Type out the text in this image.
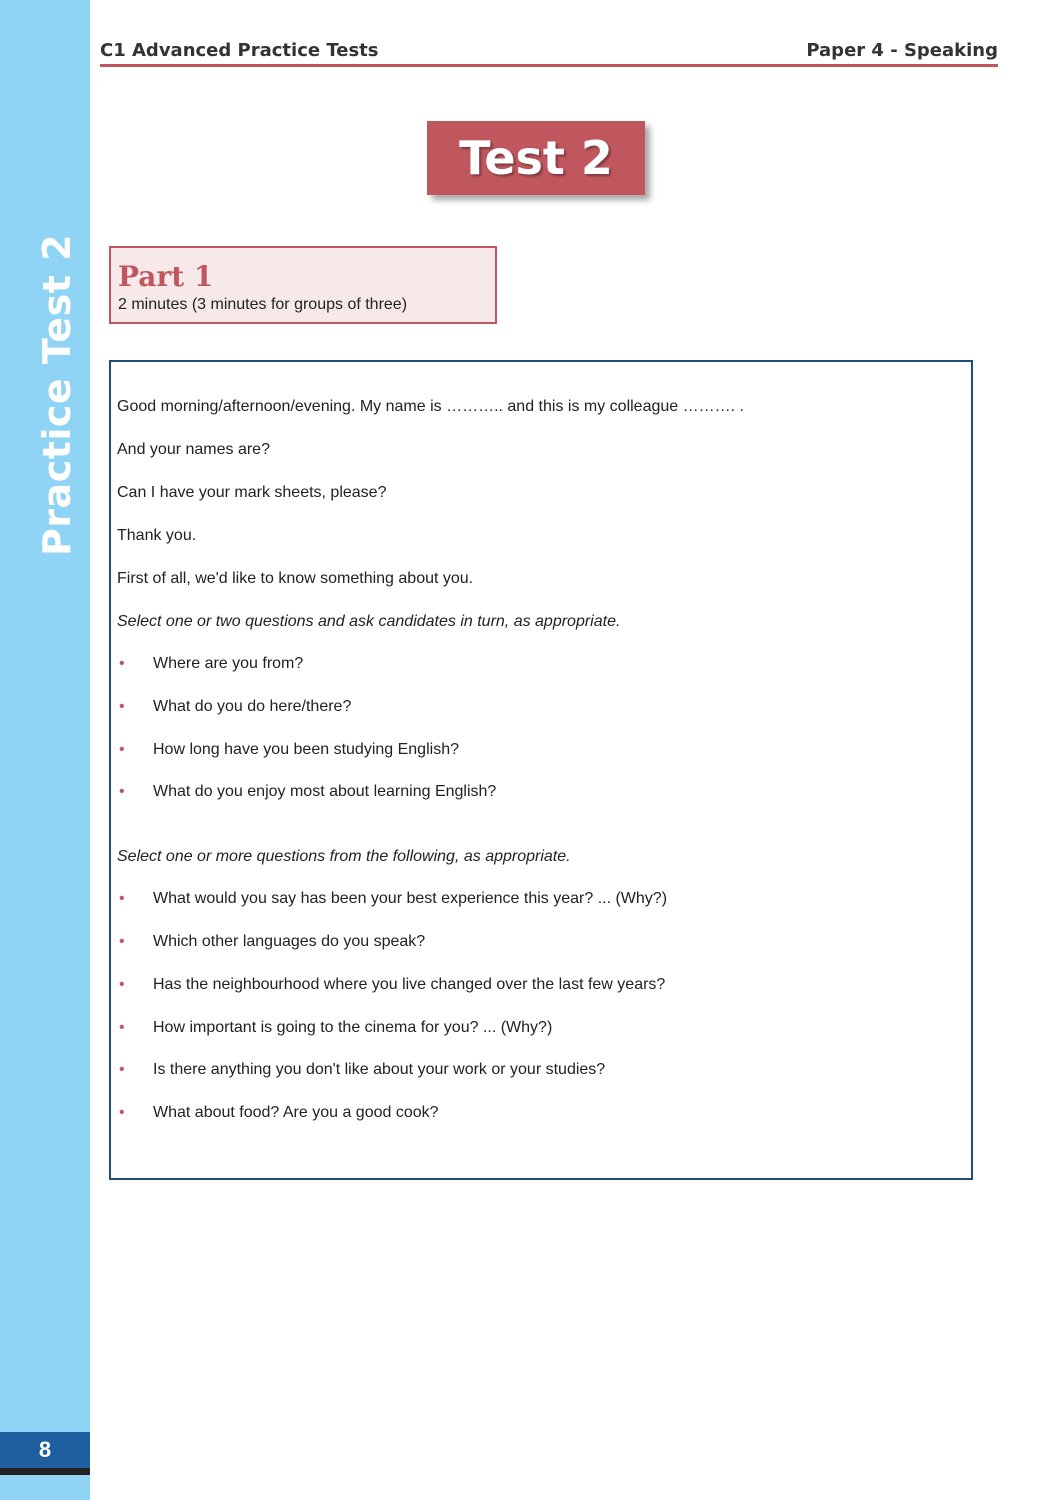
Practice Test 2
8
C1 Advanced Practice Tests	Paper 4 - Speaking
Test 2
Part 1
2 minutes (3 minutes for groups of three)
Good morning/afternoon/evening. My name is ……….. and this is my colleague ………. .
And your names are?
Can I have your mark sheets, please?
Thank you.
First of all, we'd like to know something about you.
Select one or two questions and ask candidates in turn, as appropriate.
• Where are you from?
• What do you do here/there?
• How long have you been studying English?
• What do you enjoy most about learning English?
Select one or more questions from the following, as appropriate.
• What would you say has been your best experience this year? ... (Why?)
• Which other languages do you speak?
• Has the neighbourhood where you live changed over the last few years?
• How important is going to the cinema for you? ... (Why?)
• Is there anything you don't like about your work or your studies?
• What about food? Are you a good cook?
